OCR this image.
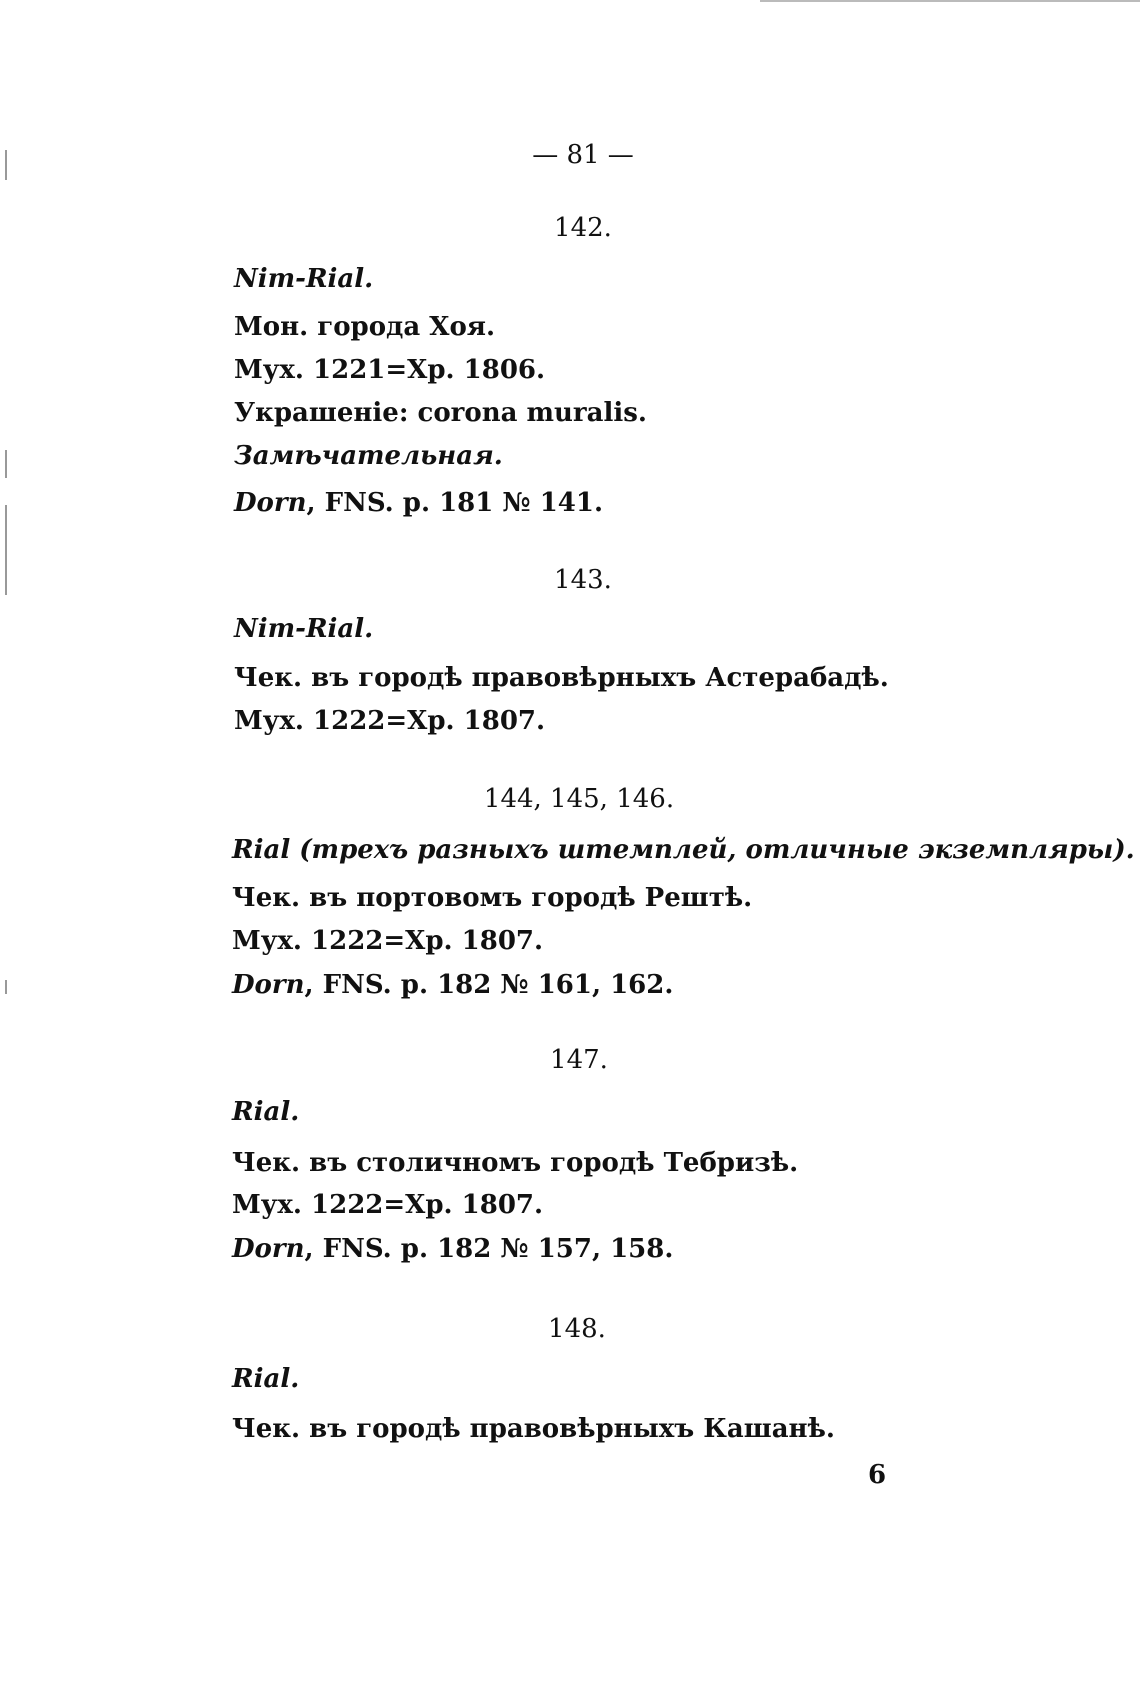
— 81 —
142.
Nim-Rial.
Мон. города Хоя.
Мух. 1221=Хр. 1806.
Украшеніе: corona muralis.
Замѣчательная.
Dorn, FNS. p. 181 № 141.
143.
Nim-Rial.
Чек. въ городѣ правовѣрныхъ Астерабадѣ.
Мух. 1222=Хр. 1807.
144, 145, 146.
Rial (трехъ разныхъ штемплей, отличные экземпляры).
Чек. въ портовомъ городѣ Рештѣ.
Мух. 1222=Хр. 1807.
Dorn, FNS. p. 182 № 161, 162.
147.
Rial.
Чек. въ столичномъ городѣ Тебризѣ.
Мух. 1222=Хр. 1807.
Dorn, FNS. p. 182 № 157, 158.
148.
Rial.
Чек. въ городѣ правовѣрныхъ Кашанѣ.
6
